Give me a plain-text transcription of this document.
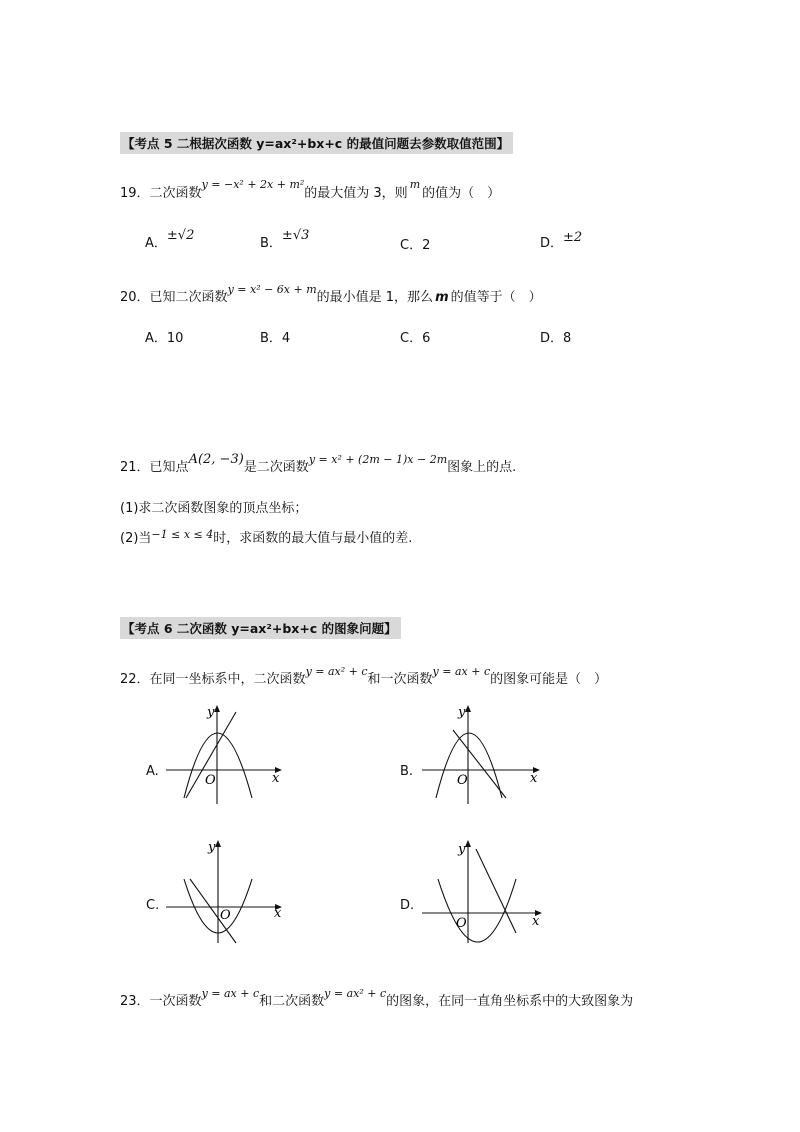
【考点 5 二根据次函数 y=ax²+bx+c 的最值问题去参数取值范围】
19．二次函数$^{y = -x^2 + 2x + m^2}$的最大值为 3，则$^m$的值为（　）
A．±√2
B．±√3
C．2	D．±2
20．已知二次函数$^{y = x^2 - 6x + m}$的最小值是 1，那么 m 的值等于（　）
A．10	B．4	C．6	D．8
21．已知点A(2, −3)是二次函数$^{y = x^2 + (2m - 1)x - 2m}$图象上的点.
(1)求二次函数图象的顶点坐标；
(2)当$^{-1 \le x \le 4}$时，求函数的最大值与最小值的差.
【考点 6 二次函数 y=ax²+bx+c 的图象问题】
22．在同一坐标系中，二次函数$^{y = ax^2 + c}$和一次函数$^{y = ax + c}$的图象可能是（　）
A.
y
x
O
B.
y
x
O
C.
y
x
O
D.
y
x
O
23．一次函数$^{y = ax + c}$和二次函数$^{y = ax^2 + c}$的图象，在同一直角坐标系中的大致图象为
